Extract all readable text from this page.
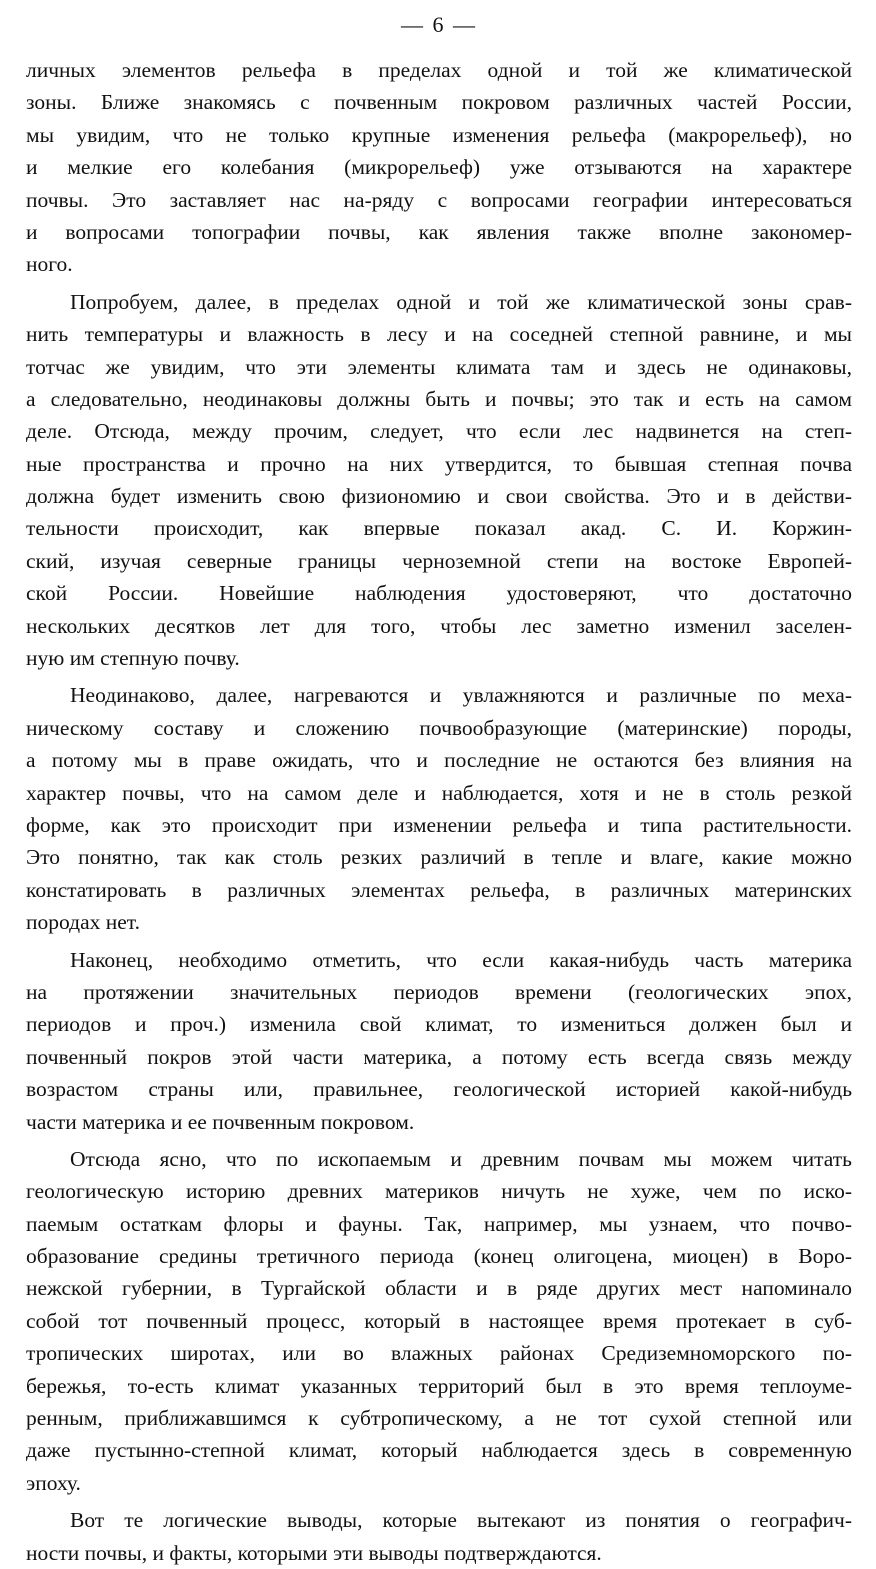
— 6 —
личных элементов рельефа в пределах одной и той же климатической
зоны. Ближе знакомясь с почвенным покровом различных частей России,
мы увидим, что не только крупные изменения рельефа (макрорельеф), но
и мелкие его колебания (микрорельеф) уже отзываются на характере
почвы. Это заставляет нас на-ряду с вопросами географии интересоваться
и вопросами топографии почвы, как явления также вполне закономер-
ного.
Попробуем, далее, в пределах одной и той же климатической зоны срав-
нить температуры и влажность в лесу и на соседней степной равнине, и мы
тотчас же увидим, что эти элементы климата там и здесь не одинаковы,
а следовательно, неодинаковы должны быть и почвы; это так и есть на самом
деле. Отсюда, между прочим, следует, что если лес надвинется на степ-
ные пространства и прочно на них утвердится, то бывшая степная почва
должна будет изменить свою физиономию и свои свойства. Это и в действи-
тельности происходит, как впервые показал акад. С. И. Коржин-
ский, изучая северные границы черноземной степи на востоке Европей-
ской России. Новейшие наблюдения удостоверяют, что достаточно
нескольких десятков лет для того, чтобы лес заметно изменил заселен-
ную им степную почву.
Неодинаково, далее, нагреваются и увлажняются и различные по меха-
ническому составу и сложению почвообразующие (материнские) породы,
а потому мы в праве ожидать, что и последние не остаются без влияния на
характер почвы, что на самом деле и наблюдается, хотя и не в столь резкой
форме, как это происходит при изменении рельефа и типа растительности.
Это понятно, так как столь резких различий в тепле и влаге, какие можно
констатировать в различных элементах рельефа, в различных материнских
породах нет.
Наконец, необходимо отметить, что если какая-нибудь часть материка
на протяжении значительных периодов времени (геологических эпох,
периодов и проч.) изменила свой климат, то измениться должен был и
почвенный покров этой части материка, а потому есть всегда связь между
возрастом страны или, правильнее, геологической историей какой-нибудь
части материка и ее почвенным покровом.
Отсюда ясно, что по ископаемым и древним почвам мы можем читать
геологическую историю древних материков ничуть не хуже, чем по иско-
паемым остаткам флоры и фауны. Так, например, мы узнаем, что почво-
образование средины третичного периода (конец олигоцена, миоцен) в Воро-
нежской губернии, в Тургайской области и в ряде других мест напоминало
собой тот почвенный процесс, который в настоящее время протекает в суб-
тропических широтах, или во влажных районах Средиземноморского по-
бережья, то-есть климат указанных территорий был в это время теплоуме-
ренным, приближавшимся к субтропическому, а не тот сухой степной или
даже пустынно-степной климат, который наблюдается здесь в современную
эпоху.
Вот те логические выводы, которые вытекают из понятия о географич-
ности почвы, и факты, которыми эти выводы подтверждаются.
